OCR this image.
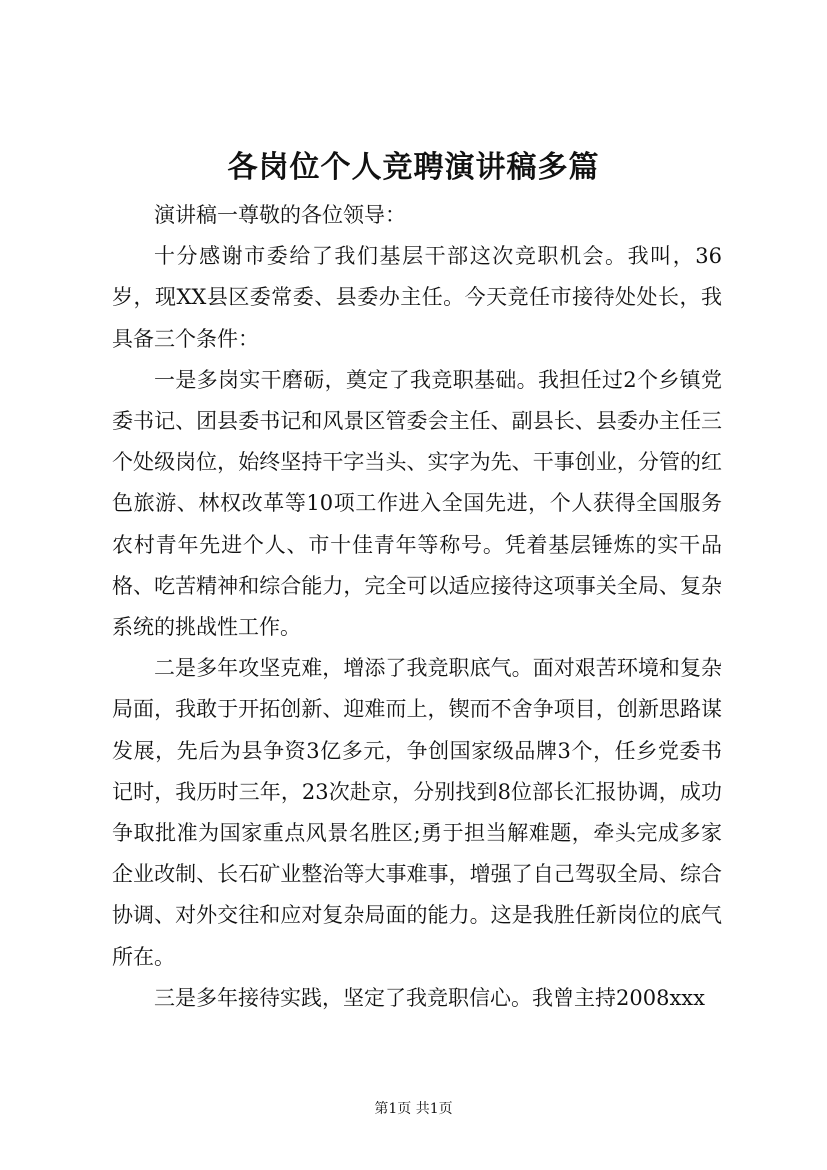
各岗位个人竞聘演讲稿多篇

演讲稿一尊敬的各位领导：

十分感谢市委给了我们基层干部这次竞职机会。我叫，36岁，现XX县区委常委、县委办主任。今天竞任市接待处处长，我具备三个条件：

一是多岗实干磨砺，奠定了我竞职基础。我担任过2个乡镇党委书记、团县委书记和风景区管委会主任、副县长、县委办主任三个处级岗位，始终坚持干字当头、实字为先、干事创业，分管的红色旅游、林权改革等10项工作进入全国先进，个人获得全国服务农村青年先进个人、市十佳青年等称号。凭着基层锤炼的实干品格、吃苦精神和综合能力，完全可以适应接待这项事关全局、复杂系统的挑战性工作。

二是多年攻坚克难，增添了我竞职底气。面对艰苦环境和复杂局面，我敢于开拓创新、迎难而上，锲而不舍争项目，创新思路谋发展，先后为县争资3亿多元，争创国家级品牌3个，任乡党委书记时，我历时三年，23次赴京，分别找到8位部长汇报协调，成功争取批准为国家重点风景名胜区;勇于担当解难题，牵头完成多家企业改制、长石矿业整治等大事难事，增强了自己驾驭全局、综合协调、对外交往和应对复杂局面的能力。这是我胜任新岗位的底气所在。

三是多年接待实践，坚定了我竞职信心。我曾主持2008xxx

第1页 共1页
